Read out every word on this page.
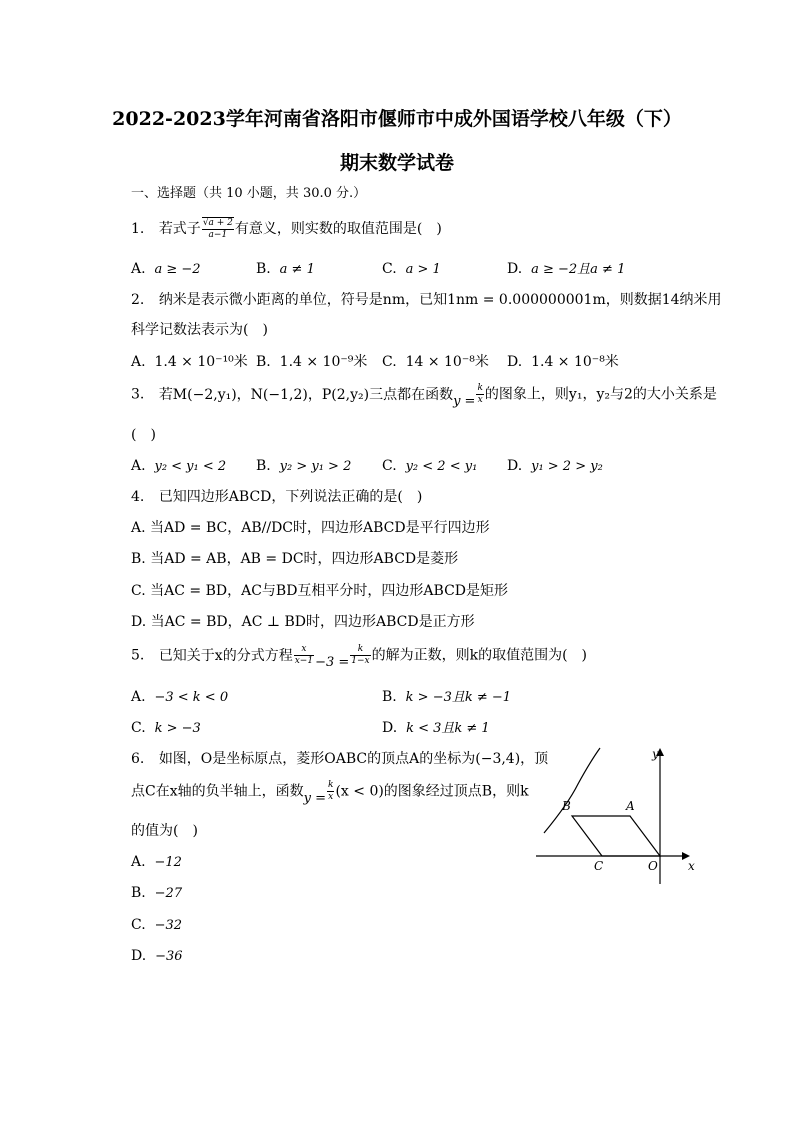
2022-2023学年河南省洛阳市偃师市中成外国语学校八年级（下）
期末数学试卷
一、选择题（共 10 小题，共 30.0 分.）
1. 若式子 $\frac{√a + 2}{a-1}$ 有意义，则实数的取值范围是(　)
A. a ≥ −2	B. a ≠ 1	C. a > 1	D. a ≥ −2且a ≠ 1
2. 纳米是表示微小距离的单位，符号是nm，已知1nm = 0.000000001m，则数据14纳米用
科学记数法表示为(　)
A. 1.4 × 10⁻¹⁰米 B. 1.4 × 10⁻⁹米 C. 14 × 10⁻⁸米 D. 1.4 × 10⁻⁸米
3. 若M(−2,y₁)，N(−1,2)，P(2,y₂)三点都在函数$y = \frac{k}{x}$ 的图象上，则y₁，y₂与2的大小关系是
(　)
A. y₂ < y₁ < 2 B. y₂ > y₁ > 2 C. y₂ < 2 < y₁ D. y₁ > 2 > y₂
4. 已知四边形ABCD，下列说法正确的是(　)
A. 当AD = BC，AB//DC时，四边形ABCD是平行四边形
B. 当AD = AB，AB = DC时，四边形ABCD是菱形
C. 当AC = BD，AC与BD互相平分时，四边形ABCD是矩形
D. 当AC = BD，AC ⊥ BD时，四边形ABCD是正方形
5. 已知关于x的分式方程 $\frac{x}{x-1} -3 = \frac{k}{1-x}$ 的解为正数，则k的取值范围为(　)
A. −3 < k < 0	B. k > −3且k ≠ −1
C. k > −3	D. k < 3且k ≠ 1
6. 如图，O是坐标原点，菱形OABC的顶点A的坐标为(−3,4)，顶
点C在x轴的负半轴上，函数$y = \frac{k}{x} (x < 0)$的图象经过顶点B，则k
的值为(　)
A. −12
B. −27
C. −32
D. −36
y
x
A
B
C	O
